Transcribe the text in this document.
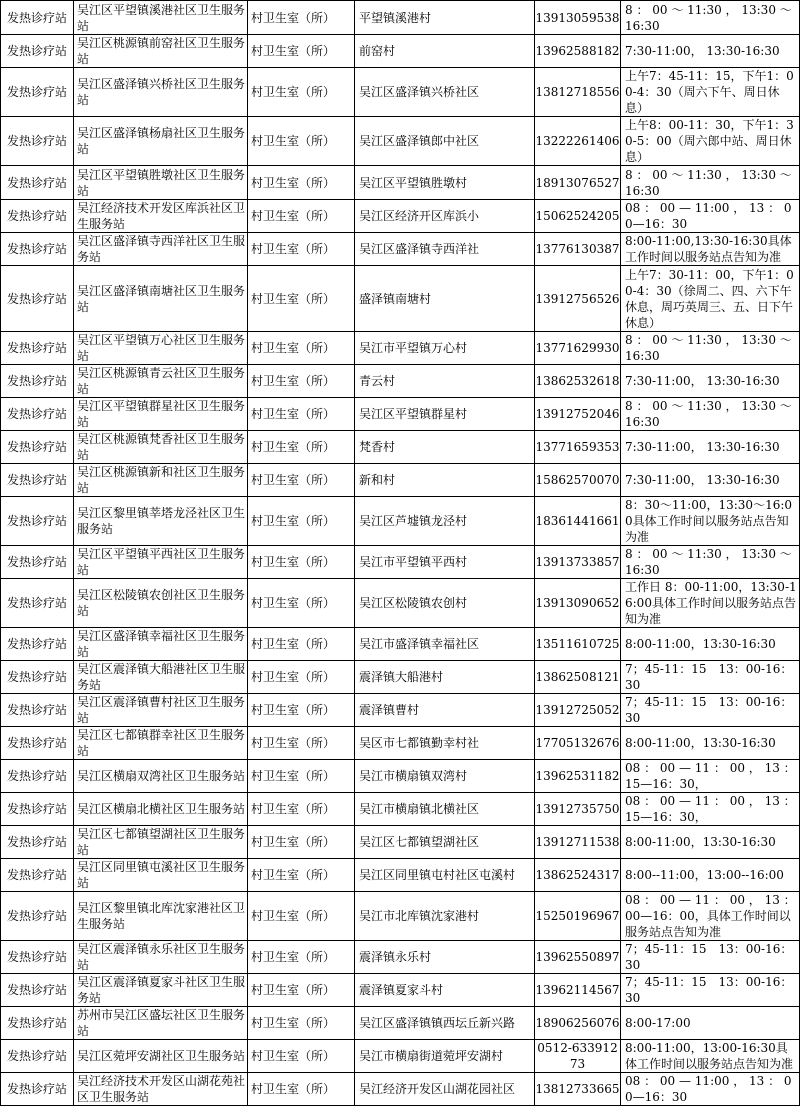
发热诊疗站	吴江区平望镇溪港社区卫生服务站	村卫生室（所）	平望镇溪港村	13913059538	8 ： 00 ～ 11:30 ， 13:30 ～ 16:30
发热诊疗站	吴江区桃源镇前窑社区卫生服务站	村卫生室（所）	前窑村	13962588182	7:30-11:00， 13:30-16:30
发热诊疗站	吴江区盛泽镇兴桥社区卫生服务站	村卫生室（所）	吴江区盛泽镇兴桥社区	13812718556	上午7：45-11：15，下午1：00-4：30（周六下午、周日休息）
发热诊疗站	吴江区盛泽镇杨扇社区卫生服务站	村卫生室（所）	吴江区盛泽镇郎中社区	13222261406	上午8：00-11：30，下午1：30-5：00（周六郎中站、周日休息）
发热诊疗站	吴江区平望镇胜墩社区卫生服务站	村卫生室（所）	吴江区平望镇胜墩村	18913076527	8 ： 00 ～ 11:30 ， 13:30 ～ 16:30
发热诊疗站	吴江经济技术开发区库浜社区卫生服务站	村卫生室（所）	吴江区经济开区库浜小	15062524205	08 ： 00 — 11:00 ， 13 ： 00—16：30
发热诊疗站	吴江区盛泽镇寺西洋社区卫生服务站	村卫生室（所）	吴江区盛泽镇寺西洋社	13776130387	8:00-11:00,13:30-16:30具体工作时间以服务站点告知为准
发热诊疗站	吴江区盛泽镇南塘社区卫生服务站	村卫生室（所）	盛泽镇南塘村	13912756526	上午7：30-11：00，下午1：00-4：30（徐周二、四、六下午休息，周巧英周三、五、日下午休息）
发热诊疗站	吴江区平望镇万心社区卫生服务站	村卫生室（所）	吴江市平望镇万心村	13771629930	8 ： 00 ～ 11:30 ， 13:30 ～ 16:30
发热诊疗站	吴江区桃源镇青云社区卫生服务站	村卫生室（所）	青云村	13862532618	7:30-11:00， 13:30-16:30
发热诊疗站	吴江区平望镇群星社区卫生服务站	村卫生室（所）	吴江区平望镇群星村	13912752046	8 ： 00 ～ 11:30 ， 13:30 ～ 16:30
发热诊疗站	吴江区桃源镇梵香社区卫生服务站	村卫生室（所）	梵香村	13771659353	7:30-11:00， 13:30-16:30
发热诊疗站	吴江区桃源镇新和社区卫生服务站	村卫生室（所）	新和村	15862570070	7:30-11:00， 13:30-16:30
发热诊疗站	吴江区黎里镇莘塔龙泾社区卫生服务站	村卫生室（所）	吴江区芦墟镇龙泾村	18361441661	8：30～11:00，13:30～16:00具体工作时间以服务站点告知为准
发热诊疗站	吴江区平望镇平西社区卫生服务站	村卫生室（所）	吴江市平望镇平西村	13913733857	8 ： 00 ～ 11:30 ， 13:30 ～ 16:30
发热诊疗站	吴江区松陵镇农创社区卫生服务站	村卫生室（所）	吴江区松陵镇农创村	13913090652	工作日 8：00-11:00，13:30-16:00具体工作时间以服务站点告知为准
发热诊疗站	吴江区盛泽镇幸福社区卫生服务站	村卫生室（所）	吴江市盛泽镇幸福社区	13511610725	8:00-11:00，13:30-16:30
发热诊疗站	吴江区震泽镇大船港社区卫生服务站	村卫生室（所）	震泽镇大船港村	13862508121	7；45-11：15　13：00-16：30
发热诊疗站	吴江区震泽镇曹村社区卫生服务站	村卫生室（所）	震泽镇曹村	13912725052	7；45-11：15　13：00-16：30
发热诊疗站	吴江区七都镇群幸社区卫生服务站	村卫生室（所）	吴区市七都镇勤幸村社	17705132676	8:00-11:00，13:30-16:30
发热诊疗站	吴江区横扇双湾社区卫生服务站	村卫生室（所）	吴江市横扇镇双湾村	13962531182	08 ： 00 — 11 ： 00 ， 13 ： 15—16：30，
发热诊疗站	吴江区横扇北横社区卫生服务站	村卫生室（所）	吴江市横扇镇北横社区	13912735750	08 ： 00 — 11 ： 00 ， 13 ： 15—16：30，
发热诊疗站	吴江区七都镇望湖社区卫生服务站	村卫生室（所）	吴江区七都镇望湖社区	13912711538	8:00-11:00，13:30-16:30
发热诊疗站	吴江区同里镇屯溪社区卫生服务站	村卫生室（所）	吴江区同里镇屯村社区屯溪村	13862524317	8:00--11:00，13:00--16:00
发热诊疗站	吴江区黎里镇北库沈家港社区卫生服务站	村卫生室（所）	吴江市北库镇沈家港村	15250196967	08 ： 00 — 11 ： 00 ， 13 ： 00—16：00，具体工作时间以服务站点告知为准
发热诊疗站	吴江区震泽镇永乐社区卫生服务站	村卫生室（所）	震泽镇永乐村	13962550897	7；45-11：15　13：00-16：30
发热诊疗站	吴江区震泽镇夏家斗社区卫生服务站	村卫生室（所）	震泽镇夏家斗村	13962114567	7；45-11：15　13：00-16：30
发热诊疗站	苏州市吴江区盛坛社区卫生服务站	村卫生室（所）	吴江区盛泽镇镇西坛丘新兴路	18906256076	8:00-17:00
发热诊疗站	吴江区菀坪安湖社区卫生服务站	村卫生室（所）	吴江市横扇街道菀坪安湖村	0512-63391273	8:00-11:00，13:00-16:30具体工作时间以服务站点告知为准
发热诊疗站	吴江经济技术开发区山湖花苑社区卫生服务站	村卫生室（所）	吴江经济开发区山湖花园社区	13812733665	08 ： 00 — 11:00 ， 13 ： 00—16：30
